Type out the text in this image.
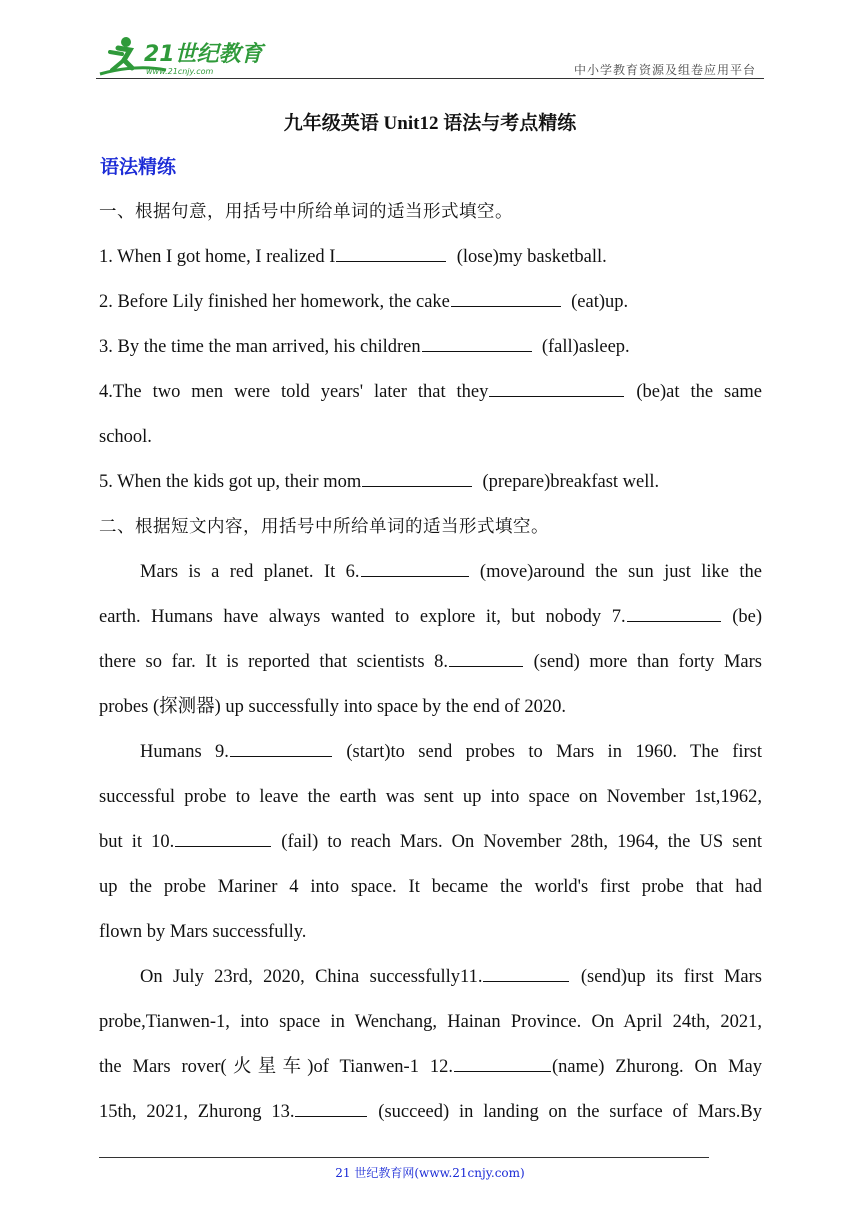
21世纪教育
www.21cnjy.com	中小学教育资源及组卷应用平台
九年级英语 Unit12 语法与考点精练
语法精练
一、根据句意，用括号中所给单词的适当形式填空。
1. When I got home, I realized I	(lose)my basketball.
2. Before Lily finished her homework, the cake	(eat)up.
3. By the time the man arrived, his children	(fall)asleep.
4.The two men were told years' later that they	(be)at the same
school.
5. When the kids got up, their mom	(prepare)breakfast well.
二、根据短文内容，用括号中所给单词的适当形式填空。
Mars is a red planet. It 6.	(move)around the sun just like the
earth. Humans have always wanted to explore it, but nobody 7.	(be)
there so far. It is reported that scientists 8.	(send) more than forty Mars
probes (探测器) up successfully into space by the end of 2020.
Humans 9.	(start)to send probes to Mars in 1960. The first
successful probe to leave the earth was sent up into space on November 1st,1962,
but it 10.	(fail) to reach Mars. On November 28th, 1964, the US sent
up the probe Mariner 4 into space. It became the world's first probe that had
flown by Mars successfully.
On July 23rd, 2020, China successfully11.	(send)up its first Mars
probe,Tianwen-1, into space in Wenchang, Hainan Province. On April 24th, 2021,
the Mars rover(火星车)of Tianwen-1 12.	(name) Zhurong. On May
15th, 2021, Zhurong 13.	(succeed) in landing on the surface of Mars.By
21 世纪教育网(www.21cnjy.com)
